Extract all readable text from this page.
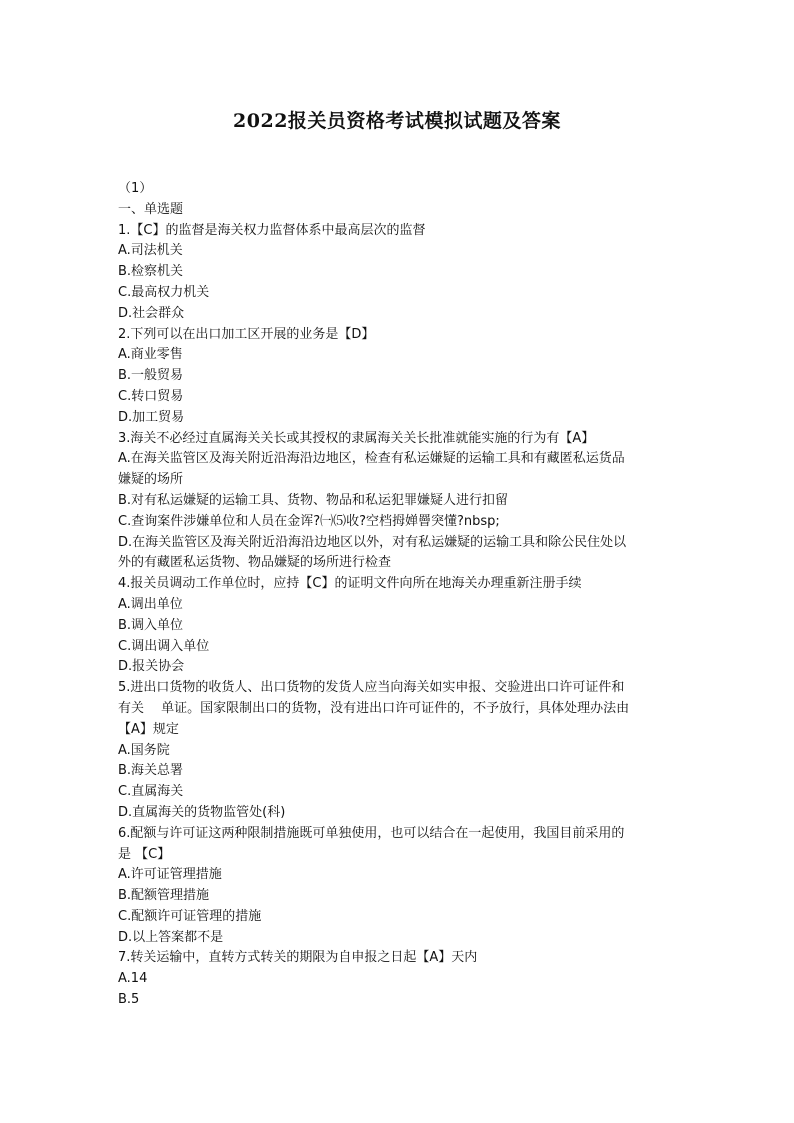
2022报关员资格考试模拟试题及答案
（1）
一、单选题
1.【C】的监督是海关权力监督体系中最高层次的监督
A.司法机关
B.检察机关
C.最高权力机关
D.社会群众
2.下列可以在出口加工区开展的业务是【D】
A.商业零售
B.一般贸易
C.转口贸易
D.加工贸易
3.海关不必经过直属海关关长或其授权的隶属海关关长批准就能实施的行为有【A】
A.在海关监管区及海关附近沿海沿边地区，检查有私运嫌疑的运输工具和有藏匿私运货品
嫌疑的场所
B.对有私运嫌疑的运输工具、货物、物品和私运犯罪嫌疑人进行扣留
C.查询案件涉嫌单位和人员在金诨?㈠⑸收?空档拇婵罾突懂?nbsp;
D.在海关监管区及海关附近沿海沿边地区以外，对有私运嫌疑的运输工具和除公民住处以
外的有藏匿私运货物、物品嫌疑的场所进行检查
4.报关员调动工作单位时，应持【C】的证明文件向所在地海关办理重新注册手续
A.调出单位
B.调入单位
C.调出调入单位
D.报关协会
5.进出口货物的收货人、出口货物的发货人应当向海关如实申报、交验进出口许可证件和
有关　 单证。国家限制出口的货物，没有进出口许可证件的，不予放行，具体处理办法由
【A】规定
A.国务院
B.海关总署
C.直属海关
D.直属海关的货物监管处(科)
6.配额与许可证这两种限制措施既可单独使用，也可以结合在一起使用，我国目前采用的
是 【C】
A.许可证管理措施
B.配额管理措施
C.配额许可证管理的措施
D.以上答案都不是
7.转关运输中，直转方式转关的期限为自申报之日起【A】天内
A.14
B.5
